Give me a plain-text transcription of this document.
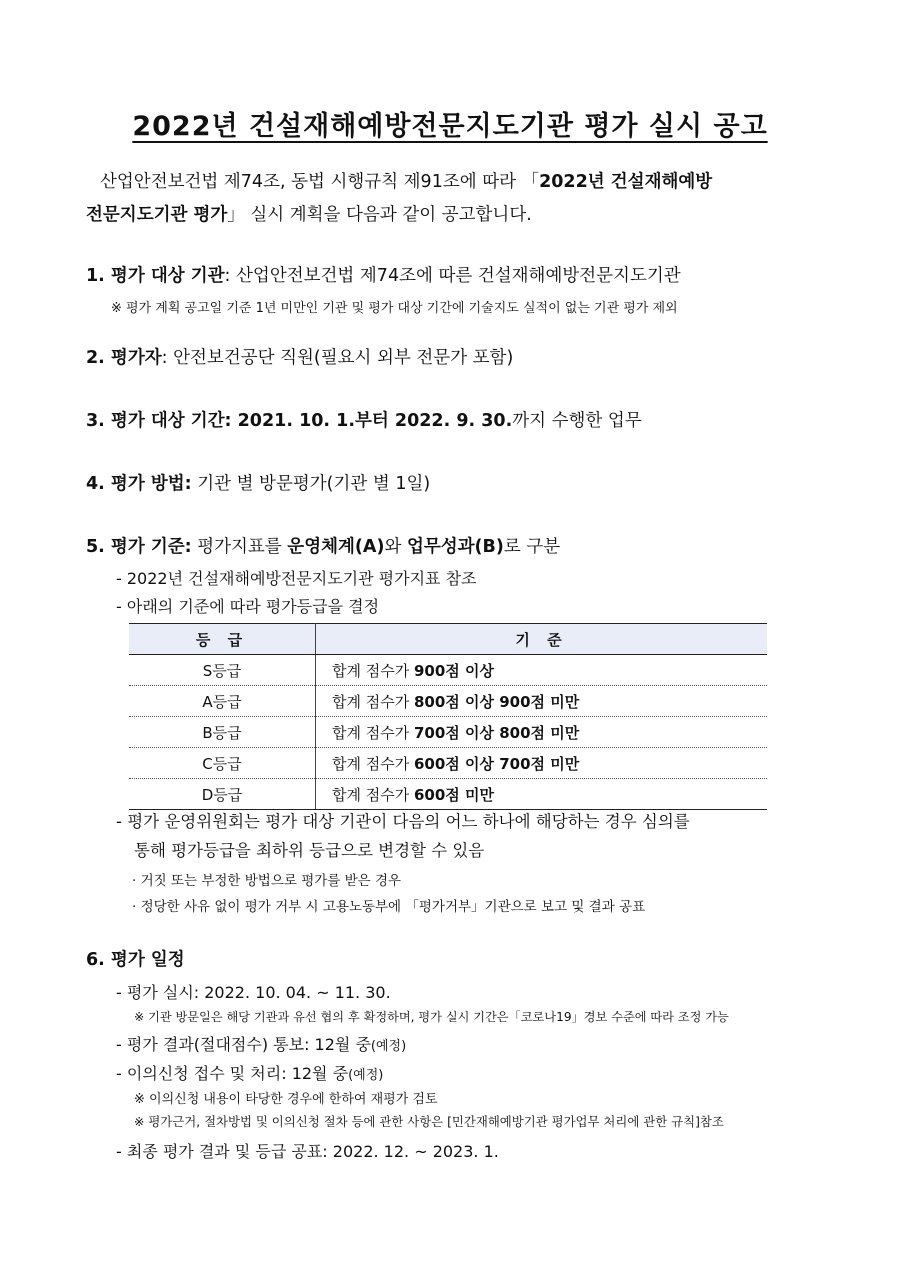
2022년 건설재해예방전문지도기관 평가 실시 공고
산업안전보건법 제74조, 동법 시행규칙 제91조에 따라 「2022년 건설재해예방
전문지도기관 평가」 실시 계획을 다음과 같이 공고합니다.
1. 평가 대상 기관: 산업안전보건법 제74조에 따른 건설재해예방전문지도기관
※ 평가 계획 공고일 기준 1년 미만인 기관 및 평가 대상 기간에 기술지도 실적이 없는 기관 평가 제외
2. 평가자: 안전보건공단 직원(필요시 외부 전문가 포함)
3. 평가 대상 기간: 2021. 10. 1.부터 2022. 9. 30.까지 수행한 업무
4. 평가 방법: 기관 별 방문평가(기관 별 1일)
5. 평가 기준: 평가지표를 운영체계(A)와 업무성과(B)로 구분
- 2022년 건설재해예방전문지도기관 평가지표 참조
- 아래의 기준에 따라 평가등급을 결정
등 급	기 준
S등급	합계 점수가 900점 이상
A등급	합계 점수가 800점 이상 900점 미만
B등급	합계 점수가 700점 이상 800점 미만
C등급	합계 점수가 600점 이상 700점 미만
D등급	합계 점수가 600점 미만
- 평가 운영위원회는 평가 대상 기관이 다음의 어느 하나에 해당하는 경우 심의를
통해 평가등급을 최하위 등급으로 변경할 수 있음
· 거짓 또는 부정한 방법으로 평가를 받은 경우
· 정당한 사유 없이 평가 거부 시 고용노동부에 「평가거부」기관으로 보고 및 결과 공표
6. 평가 일정
- 평가 실시: 2022. 10. 04. ~ 11. 30.
※ 기관 방문일은 해당 기관과 유선 협의 후 확정하며, 평가 실시 기간은「코로나19」경보 수준에 따라 조정 가능
- 평가 결과(절대점수) 통보: 12월 중(예정)
- 이의신청 접수 및 처리: 12월 중(예정)
※ 이의신청 내용이 타당한 경우에 한하여 재평가 검토
※ 평가근거, 절차방법 및 이의신청 절차 등에 관한 사항은 [민간재해예방기관 평가업무 처리에 관한 규칙]참조
- 최종 평가 결과 및 등급 공표: 2022. 12. ~ 2023. 1.
